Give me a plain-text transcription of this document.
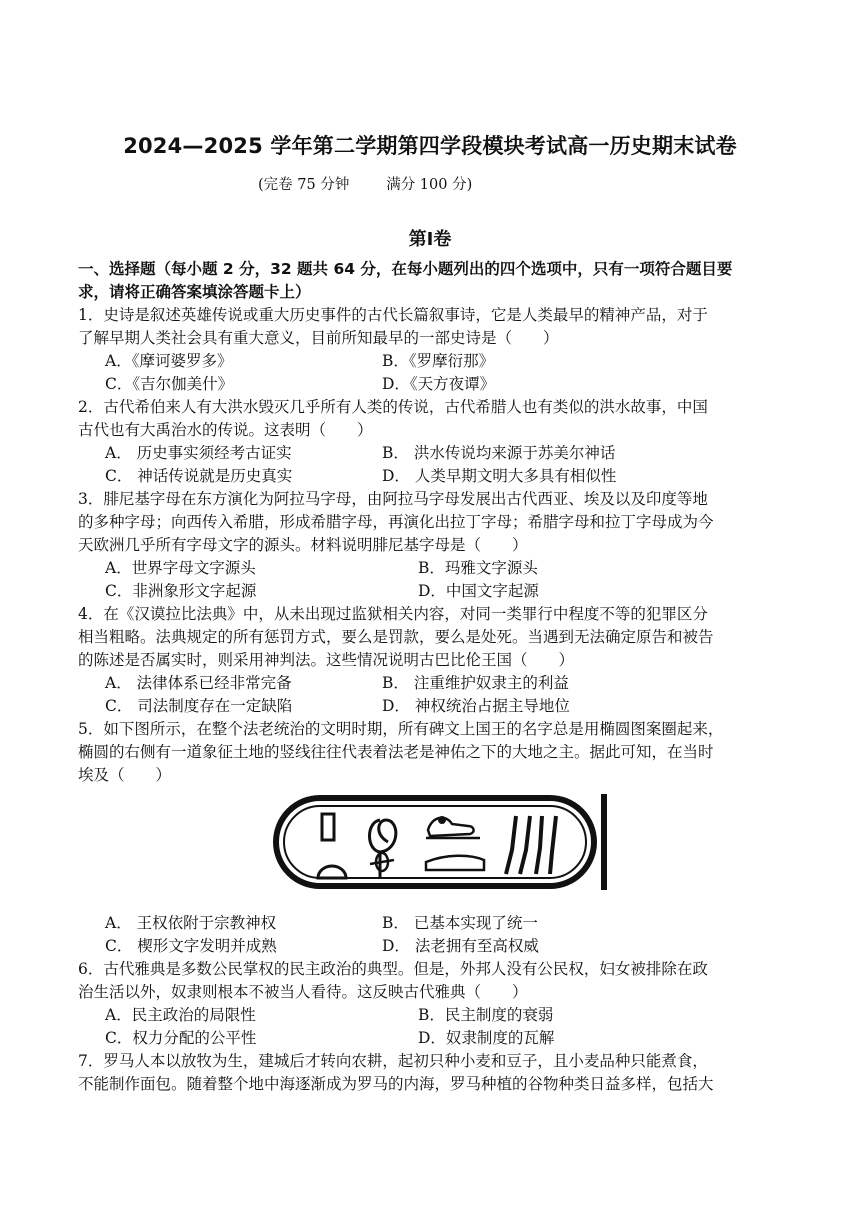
2024—2025 学年第二学期第四学段模块考试高一历史期末试卷
(完卷 75 分钟        满分 100 分)
第Ⅰ卷
一、选择题（每小题 2 分，32 题共 64 分，在每小题列出的四个选项中，只有一项符合题目要
求，请将正确答案填涂答题卡上）
1．史诗是叙述英雄传说或重大历史事件的古代长篇叙事诗，它是人类最早的精神产品，对于
了解早期人类社会具有重大意义，目前所知最早的一部史诗是（　　）
A．《摩诃婆罗多》	B．《罗摩衍那》
C．《吉尔伽美什》	D．《天方夜谭》
2．古代希伯来人有大洪水毁灭几乎所有人类的传说，古代希腊人也有类似的洪水故事，中国
古代也有大禹治水的传说。这表明（　　）
A． 历史事实须经考古证实	B． 洪水传说均来源于苏美尔神话
C． 神话传说就是历史真实	D． 人类早期文明大多具有相似性
3．腓尼基字母在东方演化为阿拉马字母，由阿拉马字母发展出古代西亚、埃及以及印度等地
的多种字母；向西传入希腊，形成希腊字母，再演化出拉丁字母；希腊字母和拉丁字母成为今
天欧洲几乎所有字母文字的源头。材料说明腓尼基字母是（　　）
A．世界字母文字源头	B．玛雅文字源头
C．非洲象形文字起源	D．中国文字起源
4．在《汉谟拉比法典》中，从未出现过监狱相关内容，对同一类罪行中程度不等的犯罪区分
相当粗略。法典规定的所有惩罚方式，要么是罚款，要么是处死。当遇到无法确定原告和被告
的陈述是否属实时，则采用神判法。这些情况说明古巴比伦王国（　　）
A． 法律体系已经非常完备	B． 注重维护奴隶主的利益
C． 司法制度存在一定缺陷	D． 神权统治占据主导地位
5．如下图所示，在整个法老统治的文明时期，所有碑文上国王的名字总是用椭圆图案圈起来，
椭圆的右侧有一道象征土地的竖线往往代表着法老是神佑之下的大地之主。据此可知，在当时
埃及（　　）
A． 王权依附于宗教神权	B． 已基本实现了统一
C． 楔形文字发明并成熟	D． 法老拥有至高权威
6．古代雅典是多数公民掌权的民主政治的典型。但是，外邦人没有公民权，妇女被排除在政
治生活以外，奴隶则根本不被当人看待。这反映古代雅典（　　）
A．民主政治的局限性	B．民主制度的衰弱
C．权力分配的公平性	D．奴隶制度的瓦解
7．罗马人本以放牧为生，建城后才转向农耕，起初只种小麦和豆子，且小麦品种只能煮食，
不能制作面包。随着整个地中海逐渐成为罗马的内海，罗马种植的谷物种类日益多样，包括大
